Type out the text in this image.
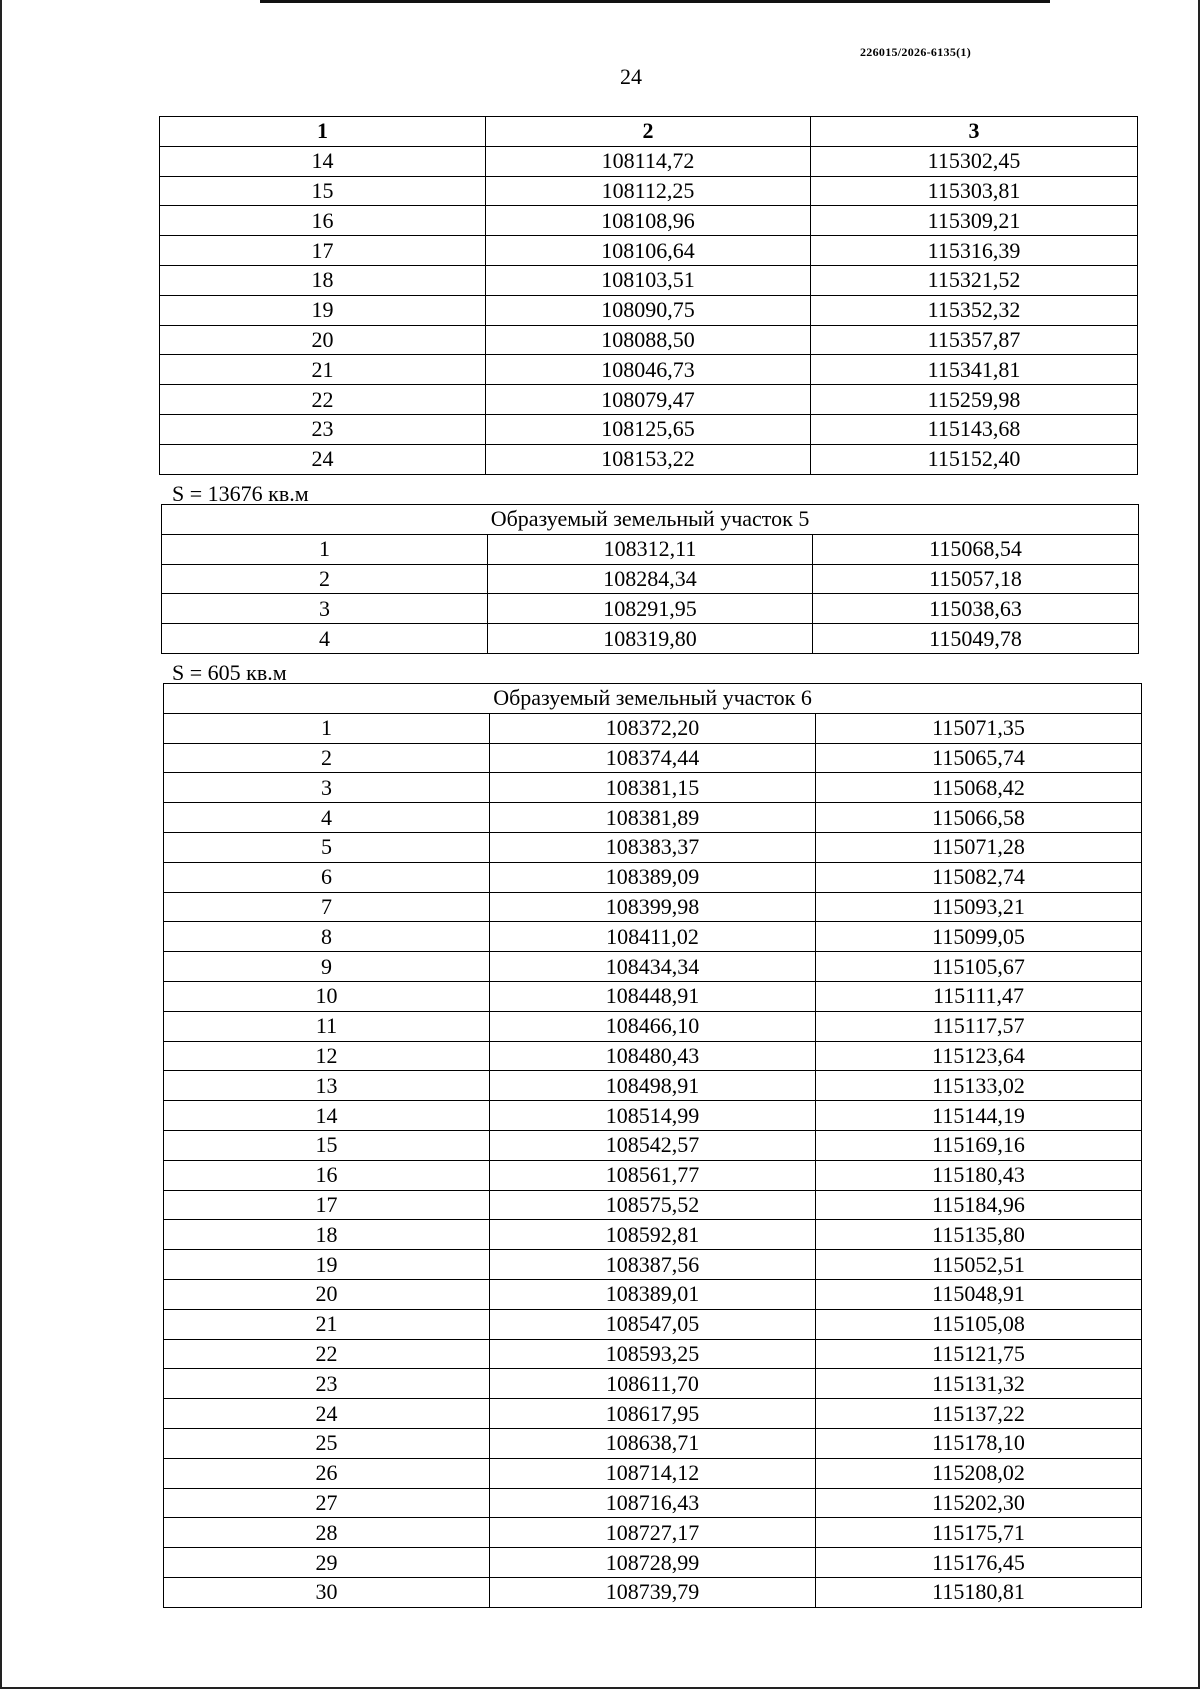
226015/2026-6135(1)
24
1	2	3
14	108114,72	115302,45
15	108112,25	115303,81
16	108108,96	115309,21
17	108106,64	115316,39
18	108103,51	115321,52
19	108090,75	115352,32
20	108088,50	115357,87
21	108046,73	115341,81
22	108079,47	115259,98
23	108125,65	115143,68
24	108153,22	115152,40
S = 13676 кв.м
Образуемый земельный участок 5		
1	108312,11	115068,54
2	108284,34	115057,18
3	108291,95	115038,63
4	108319,80	115049,78
S = 605 кв.м
Образуемый земельный участок 6		
1	108372,20	115071,35
2	108374,44	115065,74
3	108381,15	115068,42
4	108381,89	115066,58
5	108383,37	115071,28
6	108389,09	115082,74
7	108399,98	115093,21
8	108411,02	115099,05
9	108434,34	115105,67
10	108448,91	115111,47
11	108466,10	115117,57
12	108480,43	115123,64
13	108498,91	115133,02
14	108514,99	115144,19
15	108542,57	115169,16
16	108561,77	115180,43
17	108575,52	115184,96
18	108592,81	115135,80
19	108387,56	115052,51
20	108389,01	115048,91
21	108547,05	115105,08
22	108593,25	115121,75
23	108611,70	115131,32
24	108617,95	115137,22
25	108638,71	115178,10
26	108714,12	115208,02
27	108716,43	115202,30
28	108727,17	115175,71
29	108728,99	115176,45
30	108739,79	115180,81
